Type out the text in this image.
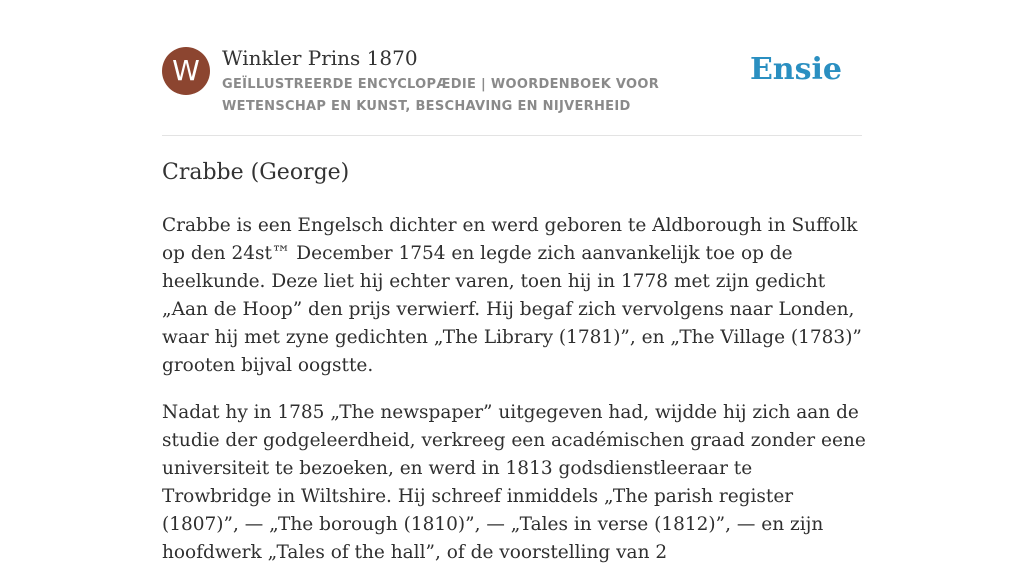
W	Winkler Prins 1870
GEÏLLUSTREERDE ENCYCLOPÆDIE | WOORDENBOEK VOOR WETENSCHAP EN KUNST, BESCHAVING EN NIJVERHEID
Ensie
Crabbe (George)

Crabbe is een Engelsch dichter en werd geboren te Aldborough in Suffolk op den 24st™ December 1754 en legde zich aanvankelijk toe op de heelkunde. Deze liet hij echter varen, toen hij in 1778 met zijn gedicht „Aan de Hoop” den prijs verwierf. Hij begaf zich vervolgens naar Londen, waar hij met zyne gedichten „The Library (1781)”, en „The Village (1783)” grooten bijval oogstte.

Nadat hy in 1785 „The newspaper” uitgegeven had, wijdde hij zich aan de studie der godgeleerdheid, verkreeg een académischen graad zonder eene universiteit te bezoeken, en werd in 1813 godsdienstleeraar te Trowbridge in Wiltshire. Hij schreef inmiddels „The parish register (1807)”, — „The borough (1810)”, — „Tales in verse (1812)”, — en zijn hoofdwerk „Tales of the hall”, of de voorstelling van 2
